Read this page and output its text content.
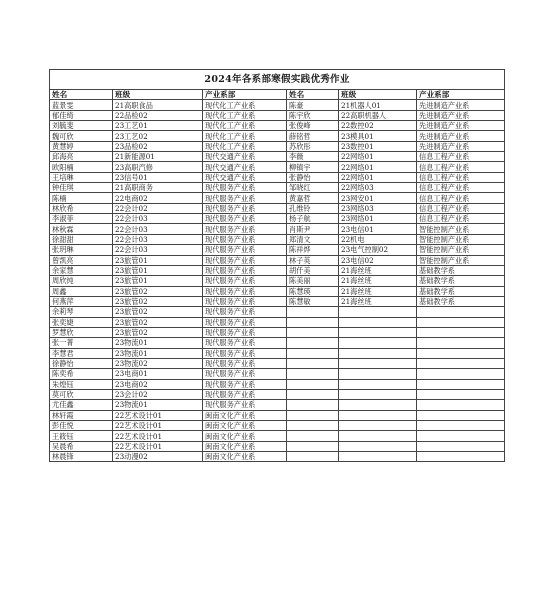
2024年各系部寒假实践优秀作业					
姓名	班级	产业系部	姓名	班级	产业系部
蓝景雯	21高职食品	现代化工产业系	陈豪	21机器人01	先进制造产业系
郁佳绮	22品检02	现代化工产业系	陈宇欣	22高职机器人	先进制造产业系
刘毓斐	23工艺01	现代化工产业系	张俊峰	22数控02	先进制造产业系
魏可欣	23工艺02	现代化工产业系	薛铭哲	23模具01	先进制造产业系
黄慧婷	23品检02	现代化工产业系	苏欣彤	23数控01	先进制造产业系
邱海亮	21新能源01	现代交通产业系	李薇	22网络01	信息工程产业系
欧阳楠	23高职汽修	现代交通产业系	柳镇宇	22网络01	信息工程产业系
王培琳	23信号01	现代交通产业系	张静怡	22网络01	信息工程产业系
钟佳琪	21高职商务	现代服务产业系	邹晓红	22网络03	信息工程产业系
陈楠	22电商02	现代服务产业系	黄嘉哲	23网安01	信息工程产业系
林欣希	22会计02	现代服务产业系	孔维铃	23网络03	信息工程产业系
李淑菲	22会计03	现代服务产业系	杨子航	23网络01	信息工程产业系
林秋霖	22会计03	现代服务产业系	肖斯尹	23电信01	智能控制产业系
徐甜甜	22会计03	现代服务产业系	郑清文	22机电	智能控制产业系
张玥琳	22会计03	现代服务产业系	陈祥烨	23电气控制02	智能控制产业系
曾凯亮	23旅管01	现代服务产业系	林子英	23电信02	智能控制产业系
余家慧	23旅管01	现代服务产业系	胡仟美	21海丝班	基础教学系
周欣纯	23旅管01	现代服务产业系	陈美丽	21海丝班	基础教学系
周鑫	23旅管02	现代服务产业系	陈慧瑛	21海丝班	基础教学系
何燕萍	23旅管02	现代服务产业系	陈慧敏	21海丝班	基础教学系
余莉琴	23旅管02	现代服务产业系			
张奕婕	23旅管02	现代服务产业系			
罗慧欣	23旅管02	现代服务产业系			
张一菁	23物流01	现代服务产业系			
李慧君	23物流01	现代服务产业系			
徐静怡	23物流02	现代服务产业系			
陈奕希	23电商01	现代服务产业系			
朱煌钰	23电商02	现代服务产业系			
莫可欣	23会计02	现代服务产业系			
尤佳鑫	23物流01	现代服务产业系			
林轩霞	22艺术设计01	闽南文化产业系			
彭佳悦	22艺术设计01	闽南文化产业系			
王筱钰	22艺术设计01	闽南文化产业系			
吴晨希	22艺术设计01	闽南文化产业系			
林晨锋	23动漫02	闽南文化产业系			
